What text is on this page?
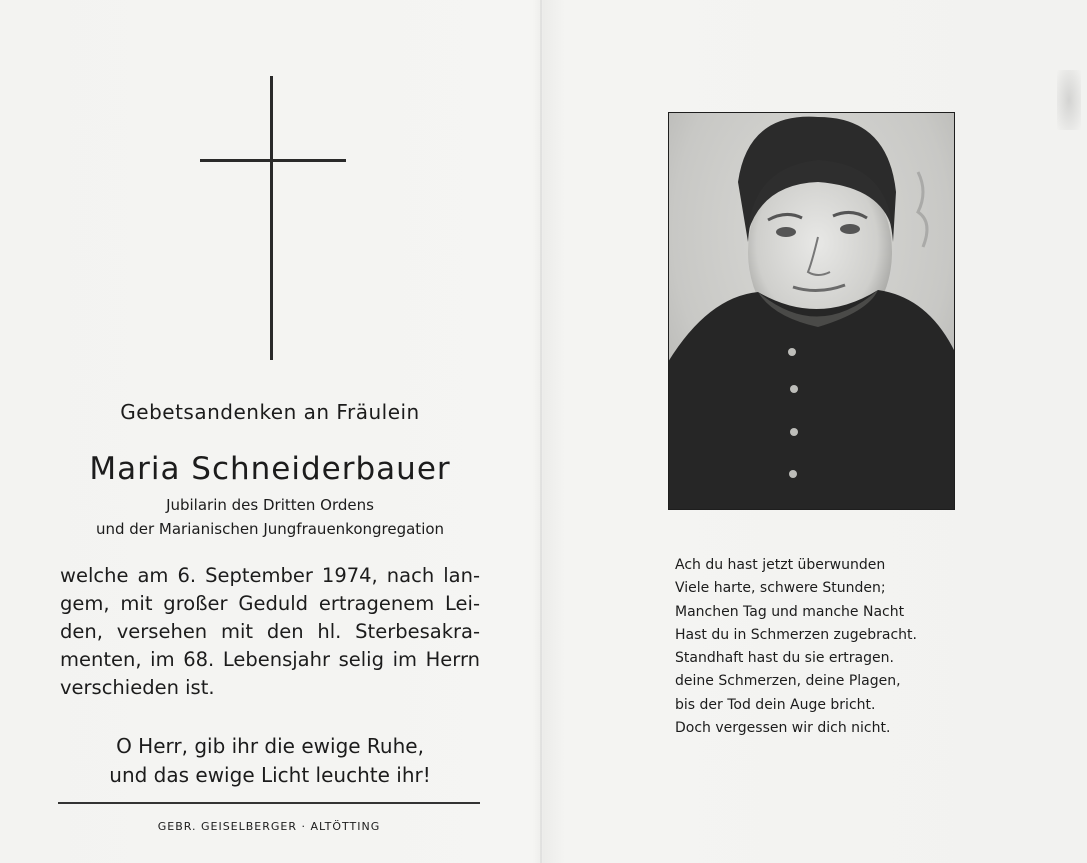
Gebetsandenken an Fräulein
Maria Schneiderbauer
Jubilarin des Dritten Ordens
und der Marianischen Jungfrauenkongregation
welche am 6. September 1974, nach lan-
gem, mit großer Geduld ertragenem Lei-
den, versehen mit den hl. Sterbesakra-
menten, im 68. Lebensjahr selig im Herrn
verschieden ist.
O Herr, gib ihr die ewige Ruhe,
und das ewige Licht leuchte ihr!
GEBR. GEISELBERGER · ALTÖTTING
Ach du hast jetzt überwunden
Viele harte, schwere Stunden;
Manchen Tag und manche Nacht
Hast du in Schmerzen zugebracht.
Standhaft hast du sie ertragen.
deine Schmerzen, deine Plagen,
bis der Tod dein Auge bricht.
Doch vergessen wir dich nicht.
